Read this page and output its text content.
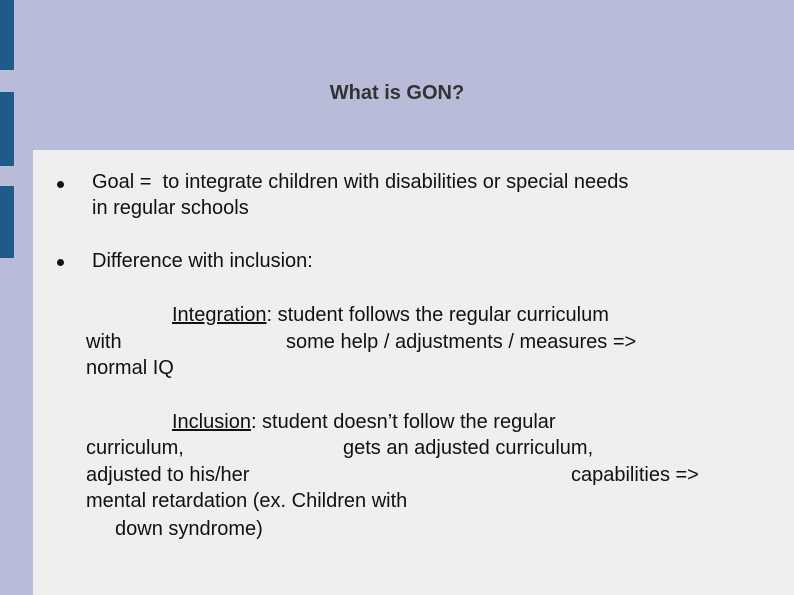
What is GON?
Goal =  to integrate children with disabilities or special needs
in regular schools
Difference with inclusion:
Integration: student follows the regular curriculum
with	some help / adjustments / measures =>
normal IQ
Inclusion: student doesn’t follow the regular
curriculum,	gets an adjusted curriculum,
adjusted to his/her	capabilities =>
mental retardation (ex. Children with
down syndrome)
